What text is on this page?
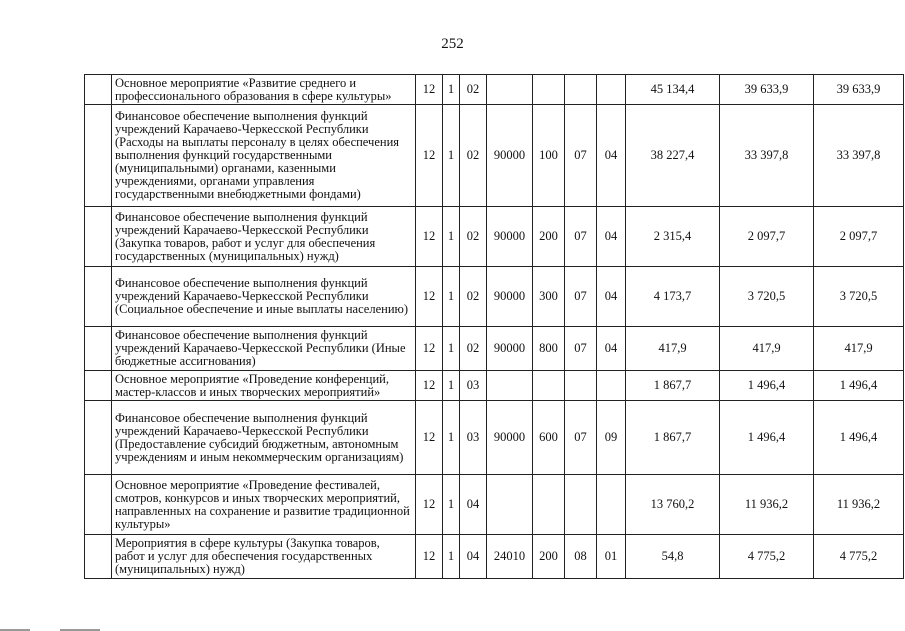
252
	Основное мероприятие «Развитие среднего и профессионального образования в сфере культуры»	12	1	02					45 134,4	39 633,9	39 633,9
	Финансовое обеспечение выполнения функций учреждений Карачаево-Черкесской Республики (Расходы на выплаты персоналу в целях обеспечения выполнения функций государственными (муниципальными) органами, казенными учреждениями, органами управления государственными внебюджетными фондами)	12	1	02	90000	100	07	04	38 227,4	33 397,8	33 397,8
	Финансовое обеспечение выполнения функций учреждений Карачаево-Черкесской Республики (Закупка товаров, работ и услуг для обеспечения государственных (муниципальных) нужд)	12	1	02	90000	200	07	04	2 315,4	2 097,7	2 097,7
	Финансовое обеспечение выполнения функций учреждений Карачаево-Черкесской Республики (Социальное обеспечение и иные выплаты населению)	12	1	02	90000	300	07	04	4 173,7	3 720,5	3 720,5
	Финансовое обеспечение выполнения функций учреждений Карачаево-Черкесской Республики (Иные бюджетные ассигнования)	12	1	02	90000	800	07	04	417,9	417,9	417,9
	Основное мероприятие «Проведение конференций, мастер-классов и иных творческих мероприятий»	12	1	03					1 867,7	1 496,4	1 496,4
	Финансовое обеспечение выполнения функций учреждений Карачаево-Черкесской Республики (Предоставление субсидий бюджетным, автономным учреждениям и иным некоммерческим организациям)	12	1	03	90000	600	07	09	1 867,7	1 496,4	1 496,4
	Основное мероприятие «Проведение фестивалей, смотров, конкурсов и иных творческих мероприятий, направленных на сохранение и развитие традиционной культуры»	12	1	04					13 760,2	11 936,2	11 936,2
	Мероприятия в сфере культуры (Закупка товаров, работ и услуг для обеспечения государственных (муниципальных) нужд)	12	1	04	24010	200	08	01	54,8	4 775,2	4 775,2
